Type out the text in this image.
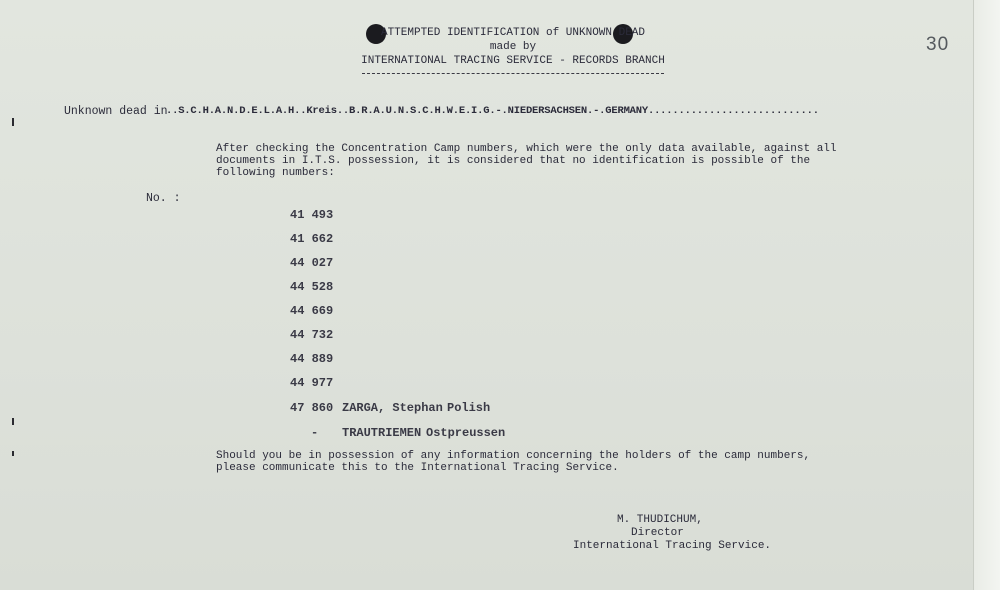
ATTEMPTED IDENTIFICATION of UNKNOWN DEAD
made by
INTERNATIONAL TRACING SERVICE - RECORDS BRANCH
30
Unknown dead in
..S.C.H.A.N.D.E.L.A.H..Kreis..B.R.A.U.N.S.C.H.W.E.I.G.-.NIEDERSACHSEN.-.GERMANY............................
After checking the Concentration Camp numbers, which were the only data available, against all
documents in I.T.S. possession, it is considered that no identification is possible of the
following numbers:
No. :
41 493
41 662
44 027
44 528
44 669
44 732
44 889
44 977
47 860 ZARGA, Stephan Polish
- TRAUTRIEMEN Ostpreussen
Should you be in possession of any information concerning the holders of the camp numbers,
please communicate this to the International Tracing Service.
M. THUDICHUM,
Director
International Tracing Service.
